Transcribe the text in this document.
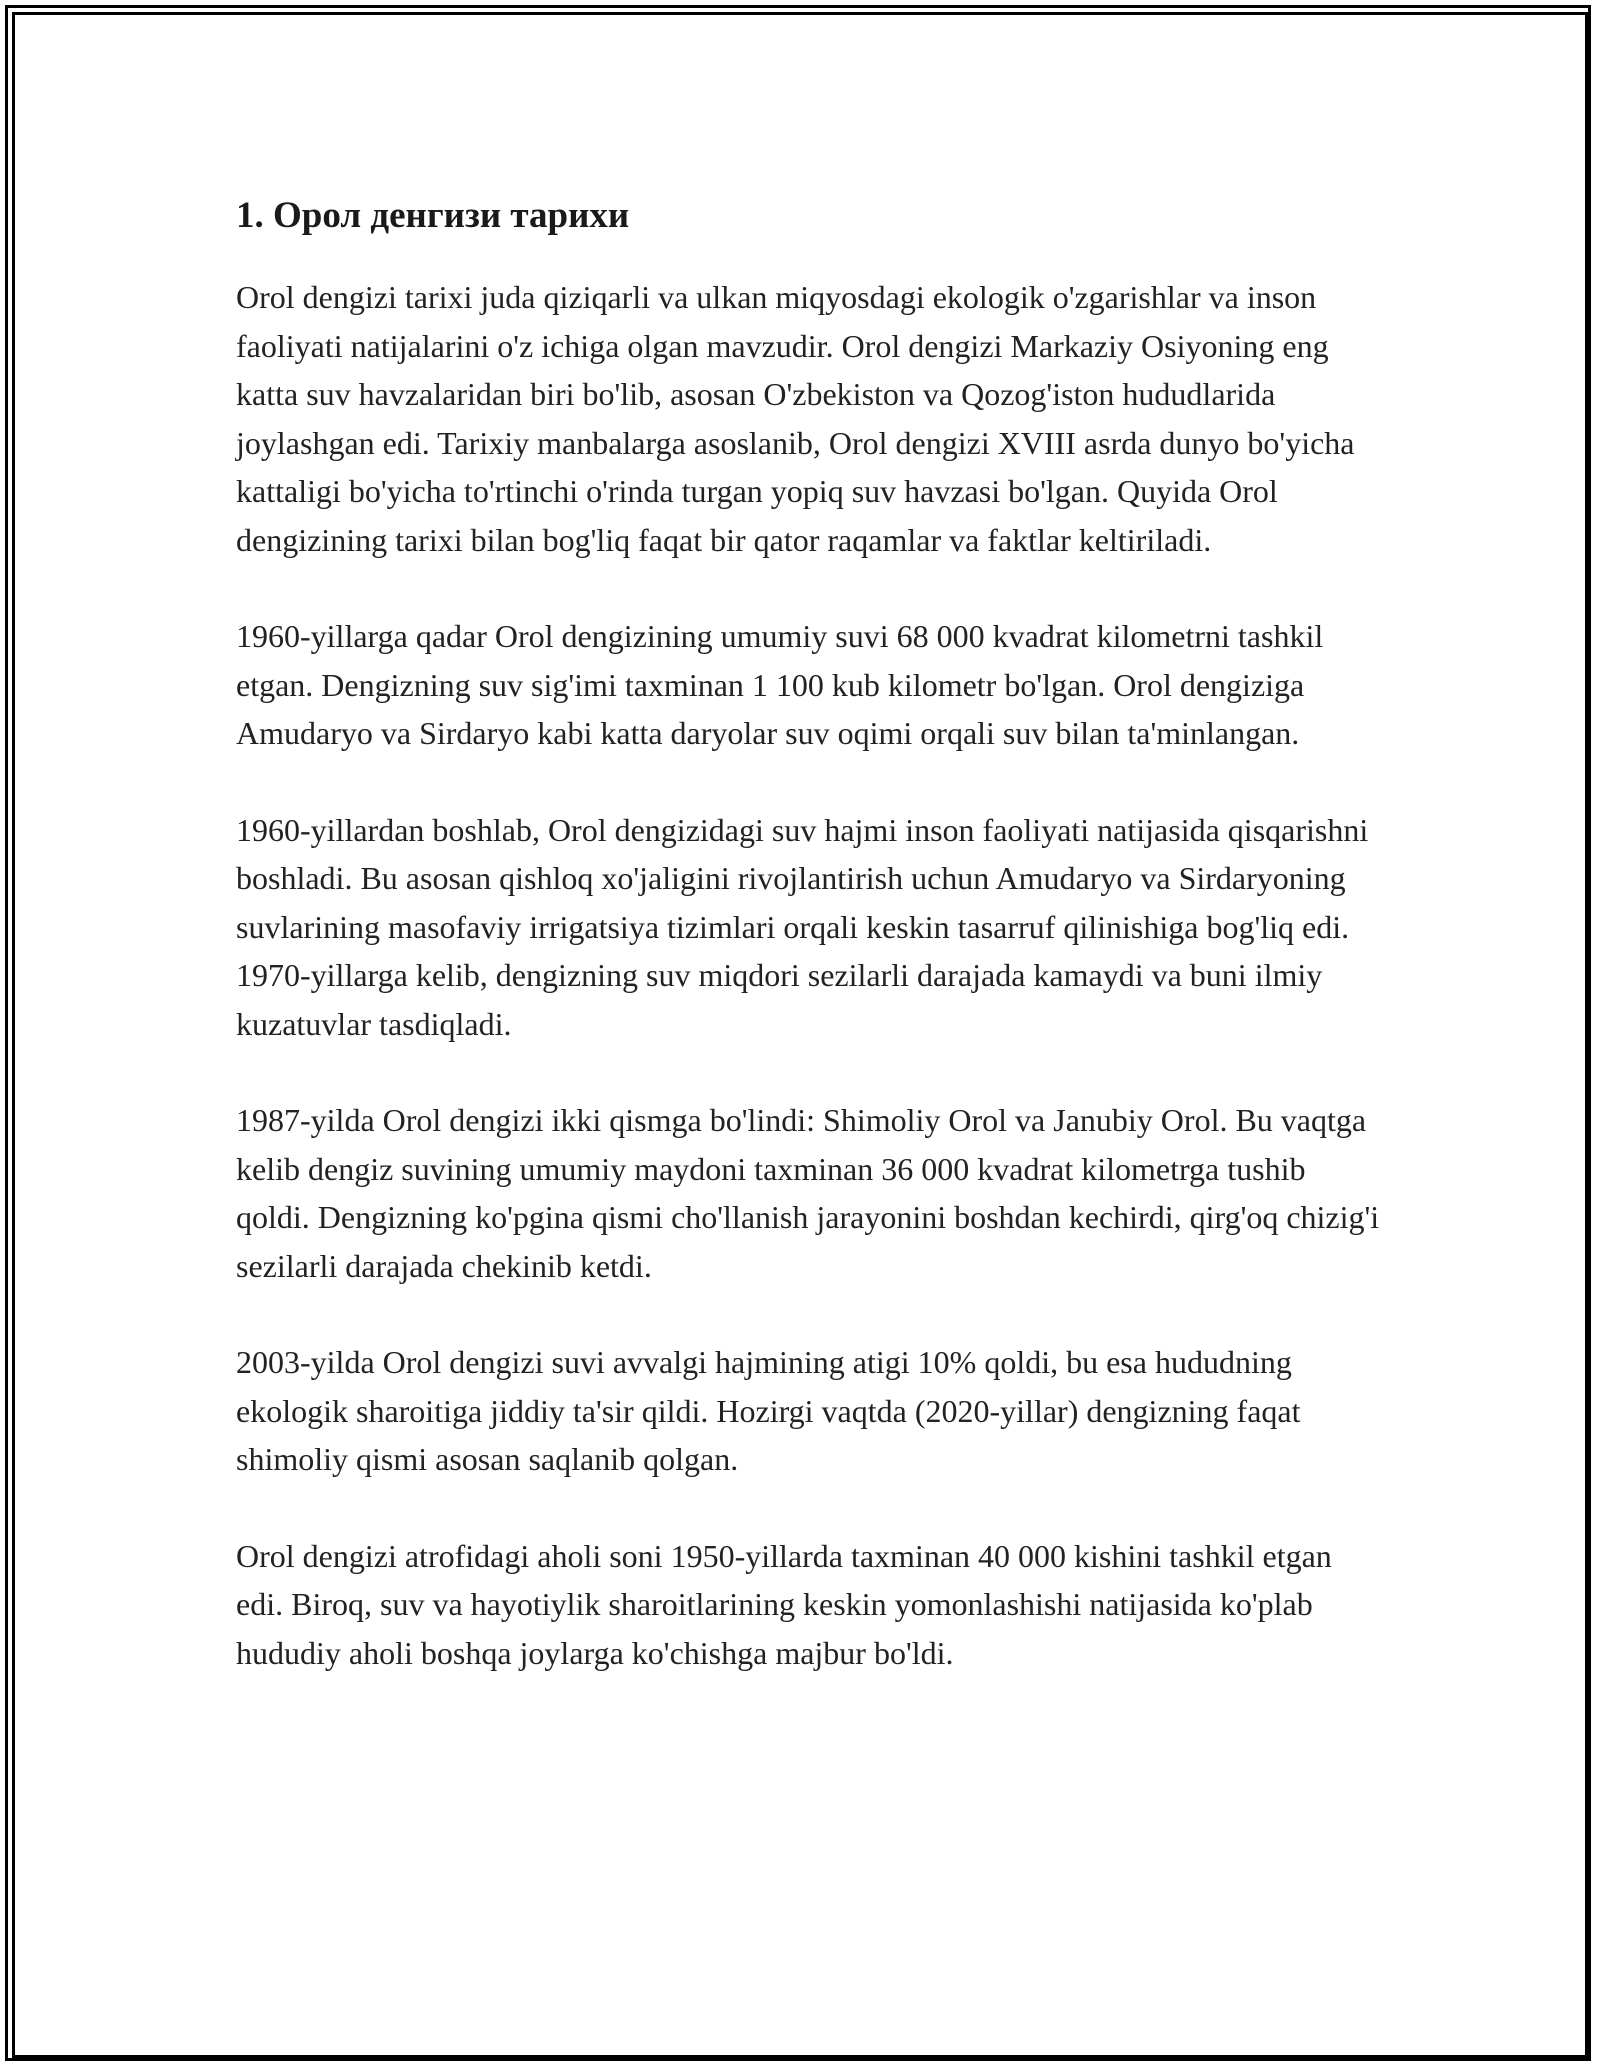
1. Орол денгизи тарихи

Orol dengizi tarixi juda qiziqarli va ulkan miqyosdagi ekologik o'zgarishlar va inson faoliyati natijalarini o'z ichiga olgan mavzudir. Orol dengizi Markaziy Osiyoning eng katta suv havzalaridan biri bo'lib, asosan O'zbekiston va Qozog'iston hududlarida joylashgan edi. Tarixiy manbalarga asoslanib, Orol dengizi XVIII asrda dunyo bo'yicha kattaligi bo'yicha to'rtinchi o'rinda turgan yopiq suv havzasi bo'lgan. Quyida Orol dengizining tarixi bilan bog'liq faqat bir qator raqamlar va faktlar keltiriladi.

1960-yillarga qadar Orol dengizining umumiy suvi 68 000 kvadrat kilometrni tashkil etgan. Dengizning suv sig'imi taxminan 1 100 kub kilometr bo'lgan. Orol dengiziga Amudaryo va Sirdaryo kabi katta daryolar suv oqimi orqali suv bilan ta'minlangan.

1960-yillardan boshlab, Orol dengizidagi suv hajmi inson faoliyati natijasida qisqarishni boshladi. Bu asosan qishloq xo'jaligini rivojlantirish uchun Amudaryo va Sirdaryoning suvlarining masofaviy irrigatsiya tizimlari orqali keskin tasarruf qilinishiga bog'liq edi. 1970-yillarga kelib, dengizning suv miqdori sezilarli darajada kamaydi va buni ilmiy kuzatuvlar tasdiqladi.

1987-yilda Orol dengizi ikki qismga bo'lindi: Shimoliy Orol va Janubiy Orol. Bu vaqtga kelib dengiz suvining umumiy maydoni taxminan 36 000 kvadrat kilometrga tushib qoldi. Dengizning ko'pgina qismi cho'llanish jarayonini boshdan kechirdi, qirg'oq chizig'i sezilarli darajada chekinib ketdi.

2003-yilda Orol dengizi suvi avvalgi hajmining atigi 10% qoldi, bu esa hududning ekologik sharoitiga jiddiy ta'sir qildi. Hozirgi vaqtda (2020-yillar) dengizning faqat shimoliy qismi asosan saqlanib qolgan.

Orol dengizi atrofidagi aholi soni 1950-yillarda taxminan 40 000 kishini tashkil etgan edi. Biroq, suv va hayotiylik sharoitlarining keskin yomonlashishi natijasida ko'plab hududiy aholi boshqa joylarga ko'chishga majbur bo'ldi.
